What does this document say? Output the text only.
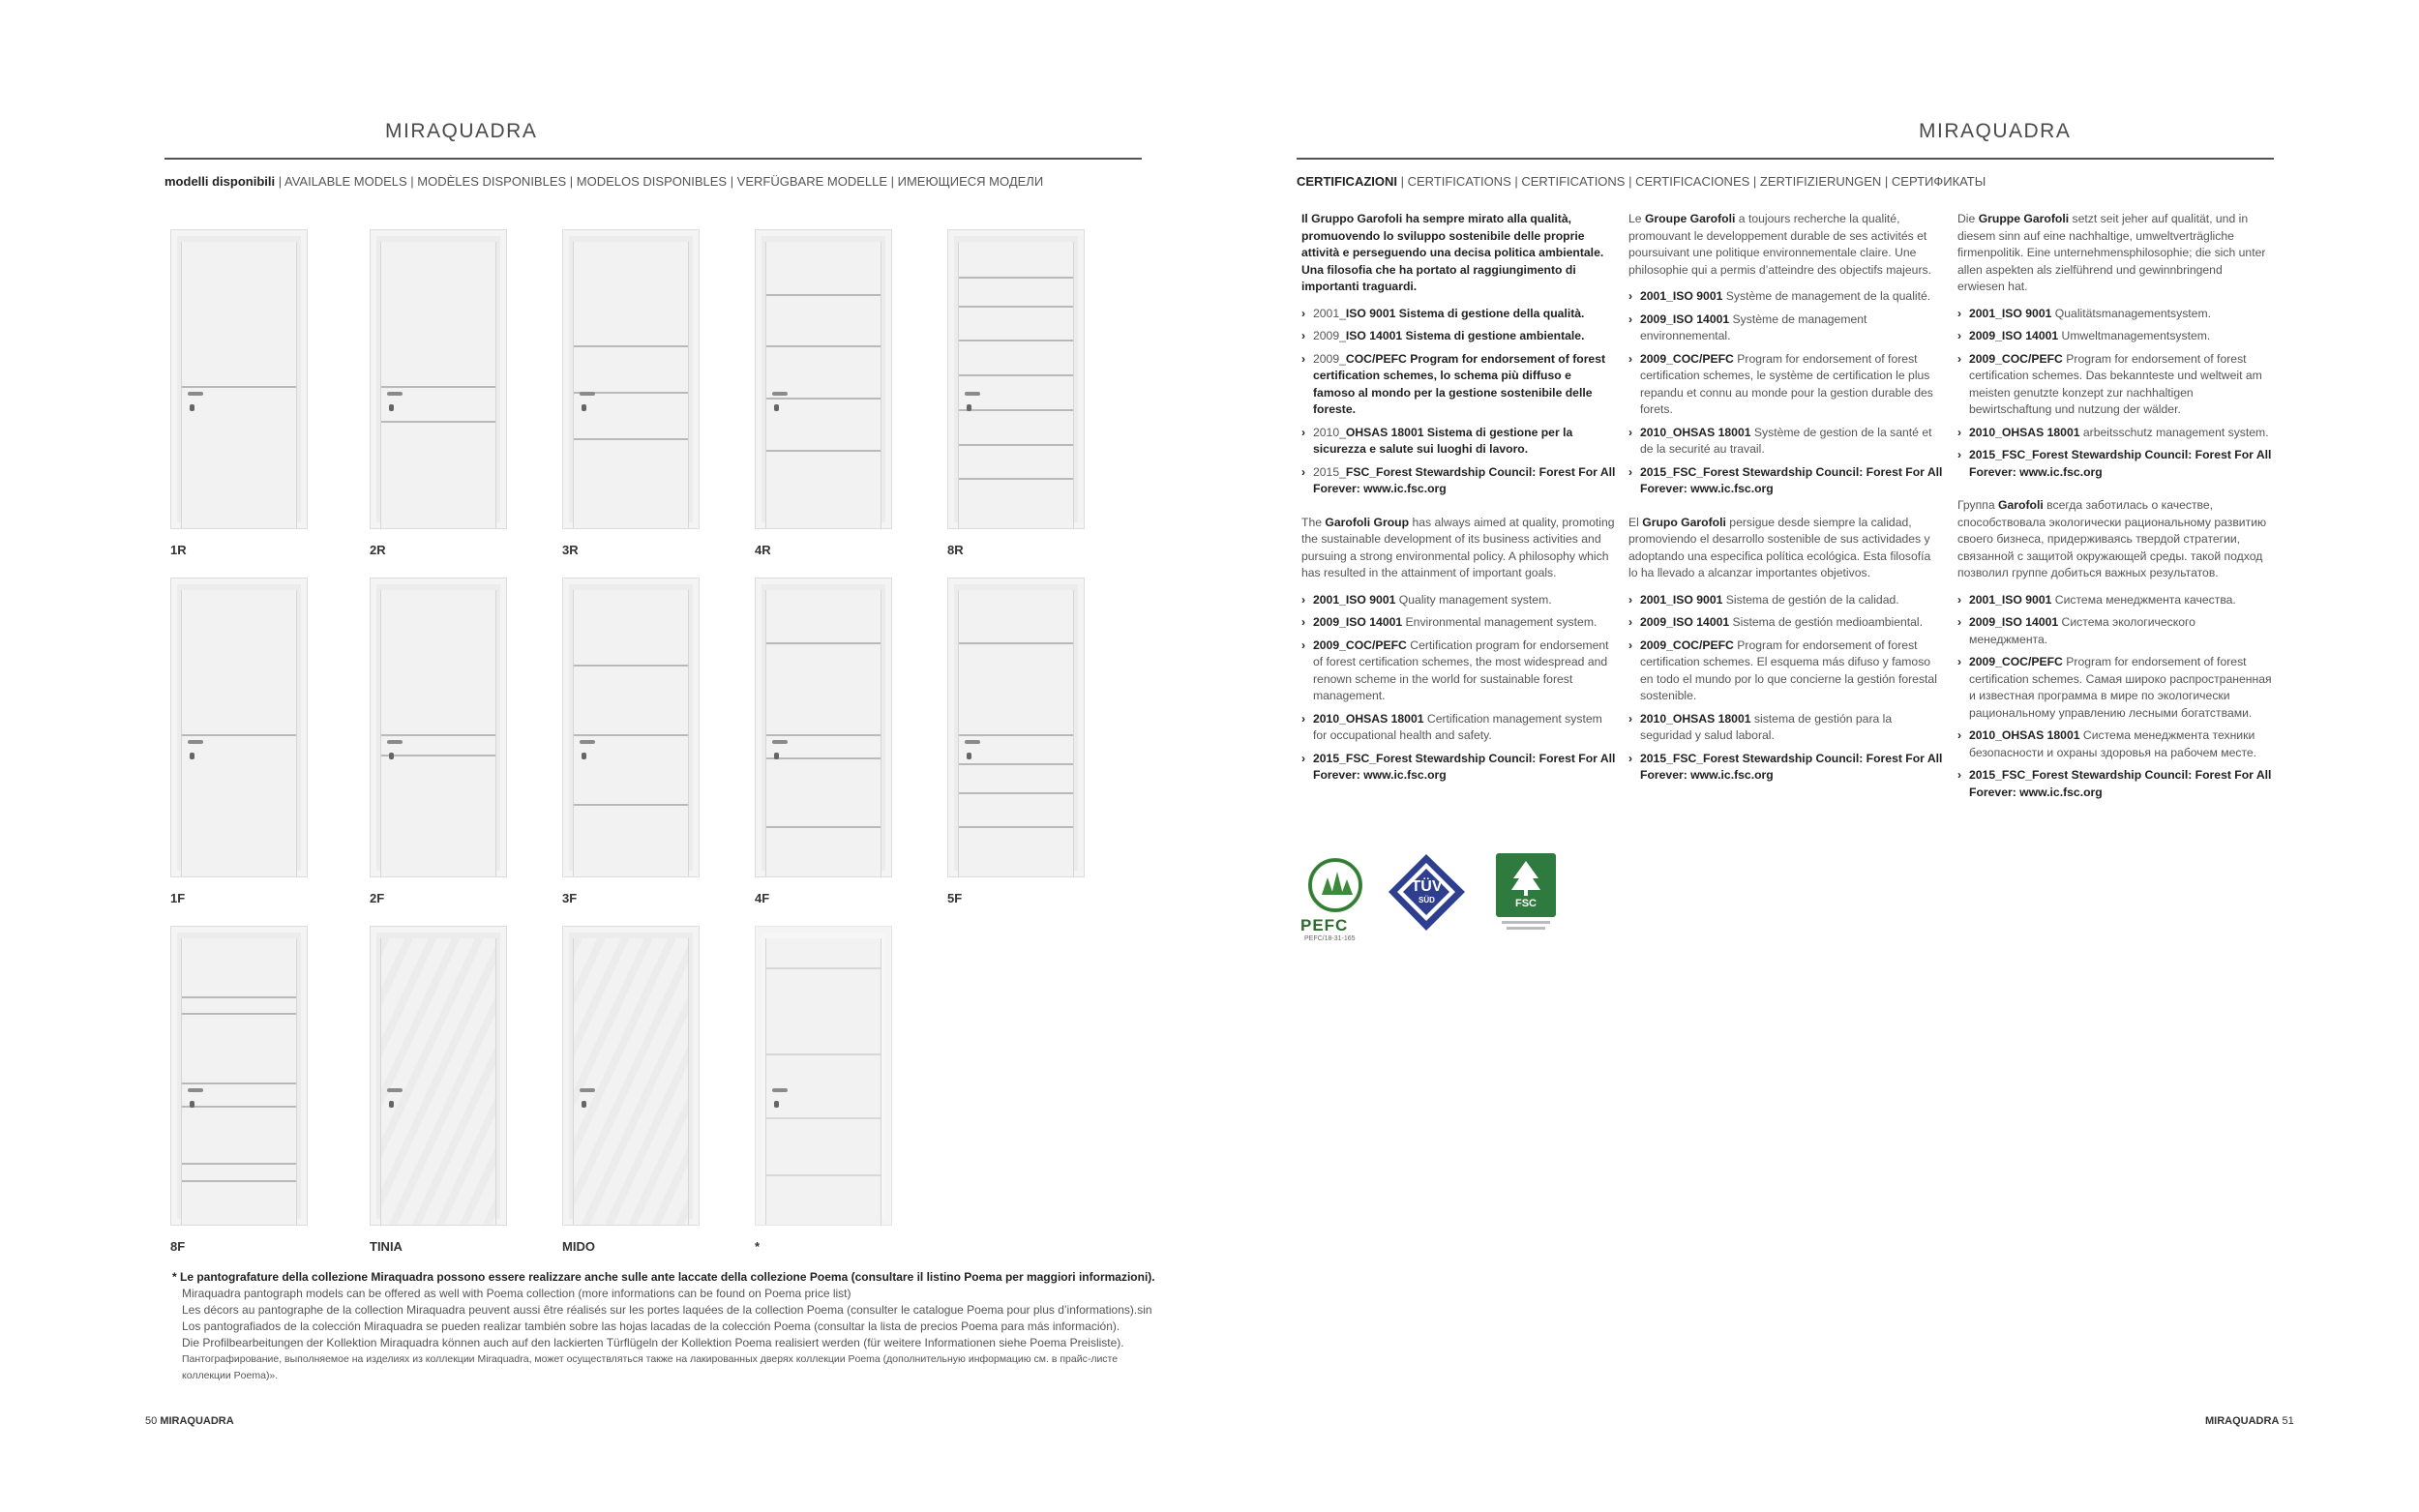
MIRAQUADRA
modelli disponibili | AVAILABLE MODELS | MODÈLES DISPONIBLES | MODELOS DISPONIBLES | VERFÜGBARE MODELLE | ИМЕЮЩИЕСЯ МОДЕЛИ
1R	2R	3R	4R	8R
1F	2F	3F	4F	5F
8F	TINIA	MIDO	*
* Le pantografature della collezione Miraquadra possono essere realizzare anche sulle ante laccate della collezione Poema (consultare il listino Poema per maggiori informazioni).
Miraquadra pantograph models can be offered as well with Poema collection (more informations can be found on Poema price list)
Les décors au pantographe de la collection Miraquadra peuvent aussi être réalisés sur les portes laquées de la collection Poema (consulter le catalogue Poema pour plus d’informations).sin
Los pantografiados de la colección Miraquadra se pueden realizar también sobre las hojas lacadas de la colección Poema (consultar la lista de precios Poema para más información).
Die Profilbearbeitungen der Kollektion Miraquadra können auch auf den lackierten Türflügeln der Kollektion Poema realisiert werden (für weitere Informationen siehe Poema Preisliste).
Пантографирование, выполняемое на изделиях из коллекции Miraquadra, может осуществляться также на лакированных дверях коллекции Poema (дополнительную информацию см. в прайс-листе коллекции Poema)».
50 MIRAQUADRA
MIRAQUADRA
CERTIFICAZIONI | CERTIFICATIONS | CERTIFICATIONS | CERTIFICACIONES | ZERTIFIZIERUNGEN | СЕРТИФИКАТЫ

Il Gruppo Garofoli ha sempre mirato alla qualità, promuovendo lo sviluppo sostenibile delle proprie attività e perseguendo una decisa politica ambientale. Una filosofia che ha portato al raggiungimento di importanti traguardi.

› 2001_ISO 9001 Sistema di gestione della qualità.
› 2009_ISO 14001 Sistema di gestione ambientale.
› 2009_COC/PEFC Program for endorsement of forest certification schemes, lo schema più diffuso e famoso al mondo per la gestione sostenibile delle foreste.
› 2010_OHSAS 18001 Sistema di gestione per la sicurezza e salute sui luoghi di lavoro.
› 2015_FSC_Forest Stewardship Council: Forest For All Forever: www.ic.fsc.org

The Garofoli Group has always aimed at quality, promoting the sustainable development of its business activities and pursuing a strong environmental policy. A philosophy which has resulted in the attainment of important goals.

› 2001_ISO 9001 Quality management system.
› 2009_ISO 14001 Environmental management system.
› 2009_COC/PEFC Certification program for endorsement of forest certification schemes, the most widespread and renown scheme in the world for sustainable forest management.
› 2010_OHSAS 18001 Certification management system for occupational health and safety.
› 2015_FSC_Forest Stewardship Council: Forest For All Forever: www.ic.fsc.org

Le Groupe Garofoli a toujours recherche la qualité, promouvant le developpement durable de ses activités et poursuivant une politique environnementale claire. Une philosophie qui a permis d’atteindre des objectifs majeurs.

› 2001_ISO 9001 Système de management de la qualité.
› 2009_ISO 14001 Système de management environnemental.
› 2009_COC/PEFC Program for endorsement of forest certification schemes, le système de certification le plus repandu et connu au monde pour la gestion durable des forets.
› 2010_OHSAS 18001 Système de gestion de la santé et de la securité au travail.
› 2015_FSC_Forest Stewardship Council: Forest For All Forever: www.ic.fsc.org

El Grupo Garofoli persigue desde siempre la calidad, promoviendo el desarrollo sostenible de sus actividades y adoptando una especifica política ecológica. Esta filosofía lo ha llevado a alcanzar importantes objetivos.

› 2001_ISO 9001 Sistema de gestión de la calidad.
› 2009_ISO 14001 Sistema de gestión medioambiental.
› 2009_COC/PEFC Program for endorsement of forest certification schemes. El esquema más difuso y famoso en todo el mundo por lo que concierne la gestión forestal sostenible.
› 2010_OHSAS 18001 sistema de gestión para la seguridad y salud laboral.
› 2015_FSC_Forest Stewardship Council: Forest For All Forever: www.ic.fsc.org

Die Gruppe Garofoli setzt seit jeher auf qualität, und in diesem sinn auf eine nachhaltige, umweltverträgliche firmenpolitik. Eine unternehmensphilosophie; die sich unter allen aspekten als zielführend und gewinnbringend erwiesen hat.

› 2001_ISO 9001 Qualitätsmanagementsystem.
› 2009_ISO 14001 Umweltmanagementsystem.
› 2009_COC/PEFC Program for endorsement of forest certification schemes. Das bekannteste und weltweit am meisten genutzte konzept zur nachhaltigen bewirtschaftung und nutzung der wälder.
› 2010_OHSAS 18001 arbeitsschutz management system.
› 2015_FSC_Forest Stewardship Council: Forest For All Forever: www.ic.fsc.org

Группа Garofoli всегда заботилась о качестве, способствовала экологически рациональному развитию своего бизнеса, придерживаясь твердой стратегии, связанной с защитой окружающей среды. такой подход позволил группе добиться важных результатов.

› 2001_ISO 9001 Система менеджмента качества.
› 2009_ISO 14001 Система экологического менеджмента.
› 2009_COC/PEFC Program for endorsement of forest certification schemes. Самая широко распространенная и известная программа в мире по экологически рациональному управлению лесными богатствами.
› 2010_OHSAS 18001 Система менеджмента техники безопасности и охраны здоровья на рабочем месте.
› 2015_FSC_Forest Stewardship Council: Forest For All Forever: www.ic.fsc.org
PEFC
PEFC/18-31-165
TÜV
SÜD	FSC
MIRAQUADRA 51
